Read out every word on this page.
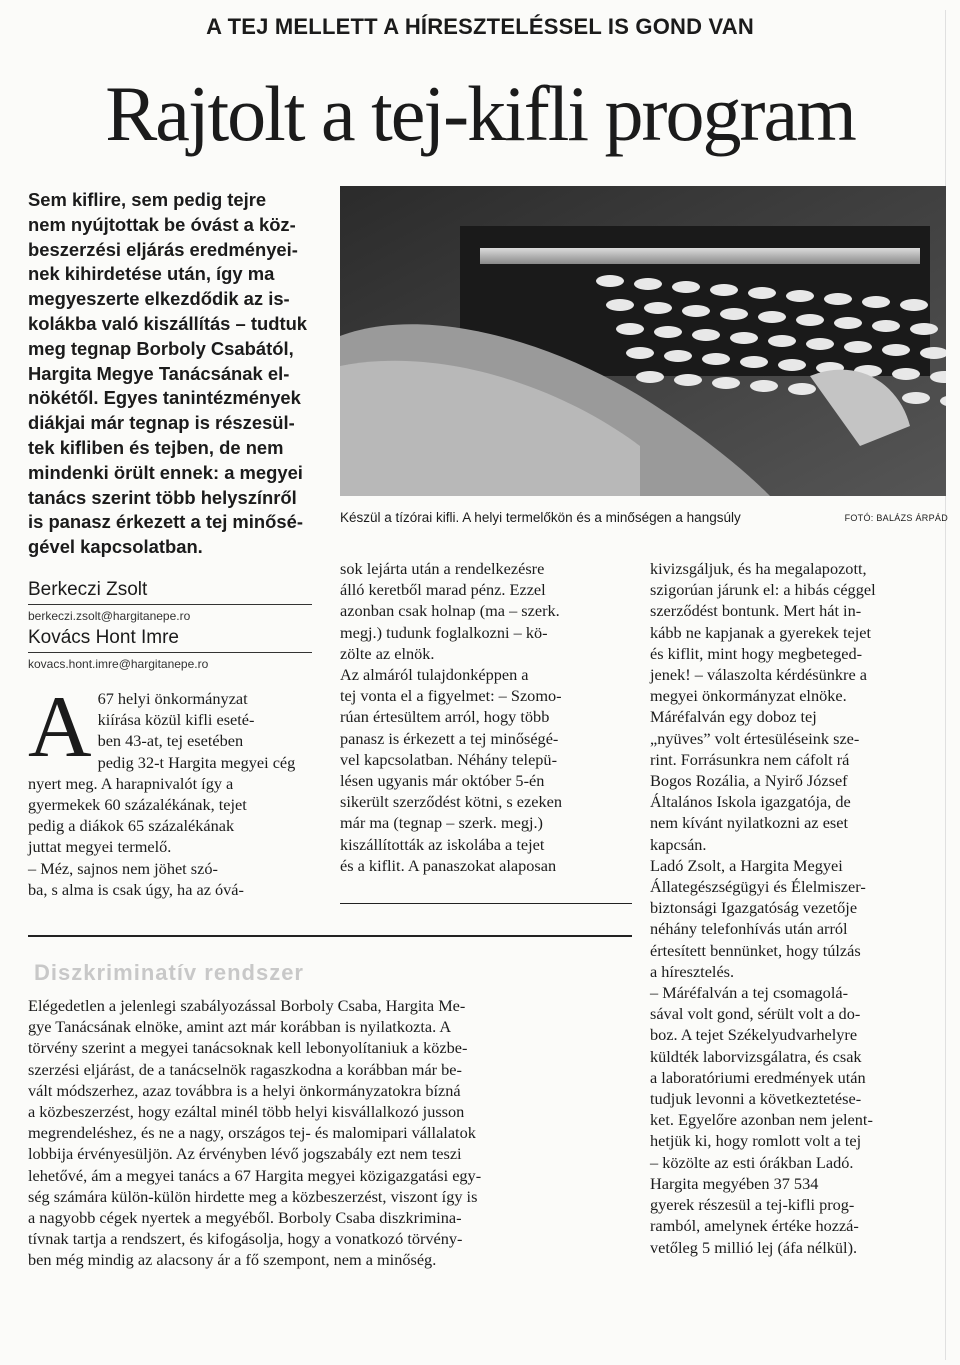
A TEJ MELLETT A HÍRESZTELÉSSEL IS GOND VAN
Rajtolt a tej-kifli program
Sem kiflire, sem pedig tejre
nem nyújtottak be óvást a köz-
beszerzési eljárás eredményei-
nek kihirdetése után, így ma
megyeszerte elkezdődik az is-
kolákba való kiszállítás – tudtuk
meg tegnap Borboly Csabától,
Hargita Megye Tanácsának el-
nökétől. Egyes tanintézmények
diákjai már tegnap is részesül-
tek kifliben és tejben, de nem
mindenki örült ennek: a megyei
tanács szerint több helyszínről
is panasz érkezett a tej minősé-
gével kapcsolatban.
Berkeczi Zsolt
berkeczi.zsolt@hargitanepe.ro
Kovács Hont Imre
kovacs.hont.imre@hargitanepe.ro
Készül a tízórai kifli. A helyi termelőkön és a minőségen a hangsúly	FOTÓ: BALÁZS ÁRPÁD
A 67 helyi önkormányzat
kiírása közül kifli eseté-
ben 43-at, tej esetében
pedig 32-t Hargita megyei cég
nyert meg. A harapnivalót így a
gyermekek 60 százalékának, tejet
pedig a diákok 65 százalékának
juttat megyei termelő.
– Méz, sajnos nem jöhet szó-
ba, s alma is csak úgy, ha az óvá-
sok lejárta után a rendelkezésre
álló keretből marad pénz. Ezzel
azonban csak holnap (ma – szerk.
megj.) tudunk foglalkozni – kö-
zölte az elnök.
Az almáról tulajdonképpen a
tej vonta el a figyelmet: – Szomo-
rúan értesültem arról, hogy több
panasz is érkezett a tej minőségé-
vel kapcsolatban. Néhány telepü-
lésen ugyanis már október 5-én
sikerült szerződést kötni, s ezeken
már ma (tegnap – szerk. megj.)
kiszállították az iskolába a tejet
és a kiflit. A panaszokat alaposan
kivizsgáljuk, és ha megalapozott,
szigorúan járunk el: a hibás céggel
szerződést bontunk. Mert hát in-
kább ne kapjanak a gyerekek tejet
és kiflit, mint hogy megbeteged-
jenek! – válaszolta kérdésünkre a
megyei önkormányzat elnöke.
Máréfalván egy doboz tej
„nyüves” volt értesüléseink sze-
rint. Forrásunkra nem cáfolt rá
Bogos Rozália, a Nyirő József
Általános Iskola igazgatója, de
nem kívánt nyilatkozni az eset
kapcsán.
Ladó Zsolt, a Hargita Megyei
Állategészségügyi és Élelmiszer-
biztonsági Igazgatóság vezetője
néhány telefonhívás után arról
értesített bennünket, hogy túlzás
a híresztelés.
– Máréfalván a tej csomagolá-
sával volt gond, sérült volt a do-
boz. A tejet Székelyudvarhelyre
küldték laborvizsgálatra, és csak
a laboratóriumi eredmények után
tudjuk levonni a következtetése-
ket. Egyelőre azonban nem jelent-
hetjük ki, hogy romlott volt a tej
– közölte az esti órákban Ladó.
Hargita megyében 37 534
gyerek részesül a tej-kifli prog-
ramból, amelynek értéke hozzá-
vetőleg 5 millió lej (áfa nélkül).
Diszkriminatív rendszer
Elégedetlen a jelenlegi szabályozással Borboly Csaba, Hargita Me-
gye Tanácsának elnöke, amint azt már korábban is nyilatkozta. A
törvény szerint a megyei tanácsoknak kell lebonyolítaniuk a közbe-
szerzési eljárást, de a tanácselnök ragaszkodna a korábban már be-
vált módszerhez, azaz továbbra is a helyi önkormányzatokra bízná
a közbeszerzést, hogy ezáltal minél több helyi kisvállalkozó jusson
megrendeléshez, és ne a nagy, országos tej- és malomipari vállalatok
lobbija érvényesüljön. Az érvényben lévő jogszabály ezt nem teszi
lehetővé, ám a megyei tanács a 67 Hargita megyei közigazgatási egy-
ség számára külön-külön hirdette meg a közbeszerzést, viszont így is
a nagyobb cégek nyertek a megyéből. Borboly Csaba diszkrimina-
tívnak tartja a rendszert, és kifogásolja, hogy a vonatkozó törvény-
ben még mindig az alacsony ár a fő szempont, nem a minőség.
